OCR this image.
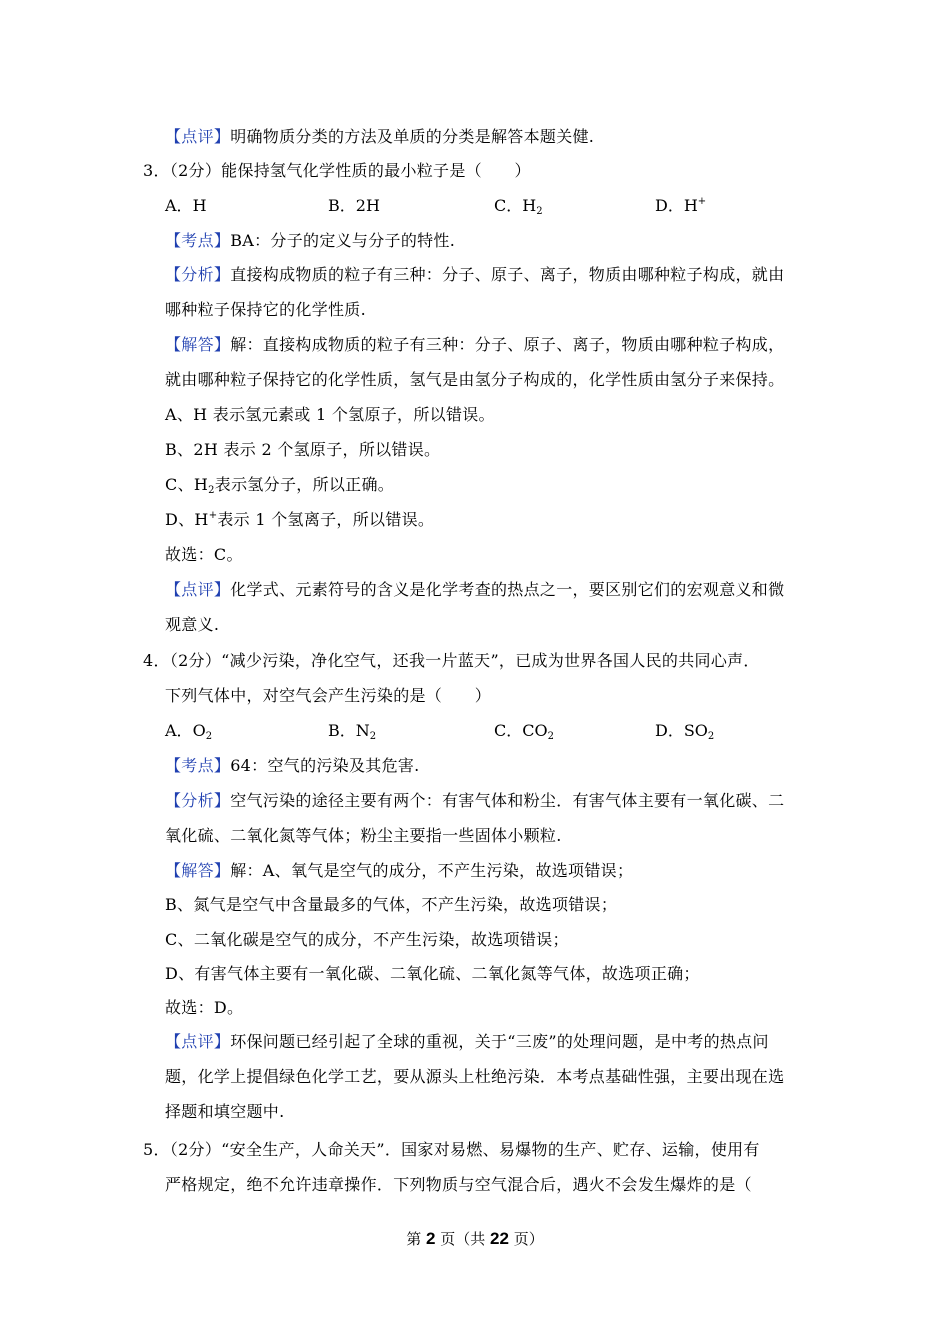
【点评】明确物质分类的方法及单质的分类是解答本题关健.
3．（2分）能保持氢气化学性质的最小粒子是（　　）
A．H	B．2H	C．$H_2$	D．H+
【考点】BA：分子的定义与分子的特性.
【分析】直接构成物质的粒子有三种：分子、原子、离子，物质由哪种粒子构成，就由
哪种粒子保持它的化学性质.
【解答】解：直接构成物质的粒子有三种：分子、原子、离子，物质由哪种粒子构成，
就由哪种粒子保持它的化学性质，氢气是由氢分子构成的，化学性质由氢分子来保持。
A、H 表示氢元素或 1 个氢原子，所以错误。
B、2H 表示 2 个氢原子，所以错误。
C、$H_2$表示氢分子，所以正确。
D、H+表示 1 个氢离子，所以错误。
故选：C。
【点评】化学式、元素符号的含义是化学考查的热点之一，要区别它们的宏观意义和微
观意义.
4．（2分）“减少污染，净化空气，还我一片蓝天”，已成为世界各国人民的共同心声．
下列气体中，对空气会产生污染的是（　　）
A．$O_2$	B．$N_2$	C．$CO_2$	D．$SO_2$
【考点】64：空气的污染及其危害.
【分析】空气污染的途径主要有两个：有害气体和粉尘．有害气体主要有一氧化碳、二
氧化硫、二氧化氮等气体；粉尘主要指一些固体小颗粒.
【解答】解：A、氧气是空气的成分，不产生污染，故选项错误；
B、氮气是空气中含量最多的气体，不产生污染，故选项错误；
C、二氧化碳是空气的成分，不产生污染，故选项错误；
D、有害气体主要有一氧化碳、二氧化硫、二氧化氮等气体，故选项正确；
故选：D。
【点评】环保问题已经引起了全球的重视，关于“三废”的处理问题，是中考的热点问
题，化学上提倡绿色化学工艺，要从源头上杜绝污染．本考点基础性强，主要出现在选
择题和填空题中.
5．（2分）“安全生产，人命关天”．国家对易燃、易爆物的生产、贮存、运输，使用有
严格规定，绝不允许违章操作．下列物质与空气混合后，遇火不会发生爆炸的是（
第 2 页（共 22 页）
